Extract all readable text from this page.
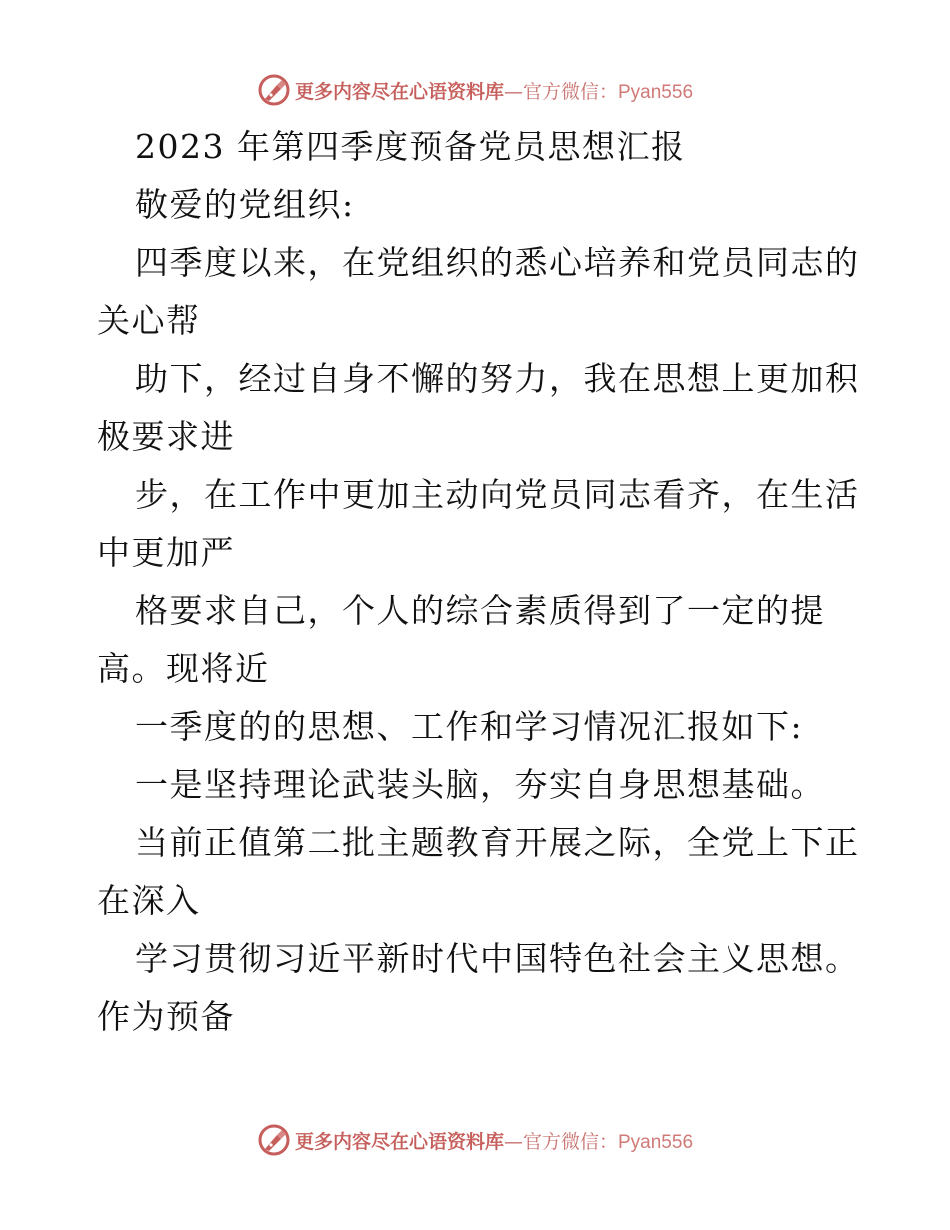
更多内容尽在心语资料库—官方微信：Pyan556
2023 年第四季度预备党员思想汇报
敬爱的党组织:
四季度以来，在党组织的悉心培养和党员同志的
关心帮
助下，经过自身不懈的努力，我在思想上更加积
极要求进
步，在工作中更加主动向党员同志看齐，在生活
中更加严
格要求自己，个人的综合素质得到了一定的提
高。现将近
一季度的的思想、工作和学习情况汇报如下:
一是坚持理论武装头脑，夯实自身思想基础。
当前正值第二批主题教育开展之际，全党上下正
在深入
学习贯彻习近平新时代中国特色社会主义思想。
作为预备
更多内容尽在心语资料库—官方微信：Pyan556
